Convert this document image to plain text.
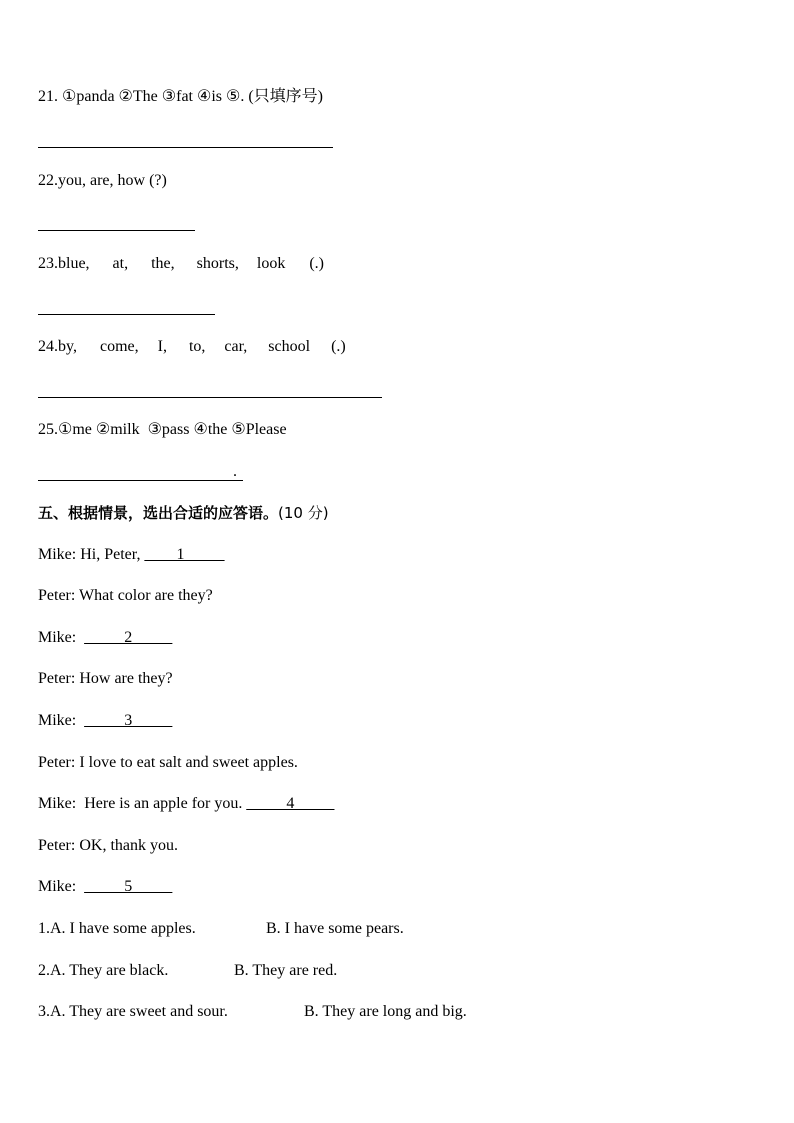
21. ①panda ②The ③fat ④is ⑤. (只填序号)
22.you, are, how (?)
23.blue, at, the, shorts, look (.)
24.by, come, I, to, car, school (.)
25.①me ②milk  ③pass ④the ⑤Please
.
五、根据情景，选出合适的应答语。(10 分)
Mike: Hi, Peter, ____1_____
Peter: What color are they?
Mike: _____2_____
Peter: How are they?
Mike: _____3_____
Peter: I love to eat salt and sweet apples.
Mike:  Here is an apple for you. _____4_____
Peter: OK, thank you.
Mike: _____5_____
1.A. I have some apples.	B. I have some pears.
2.A. They are black.	B. They are red.
3.A. They are sweet and sour.	B. They are long and big.
